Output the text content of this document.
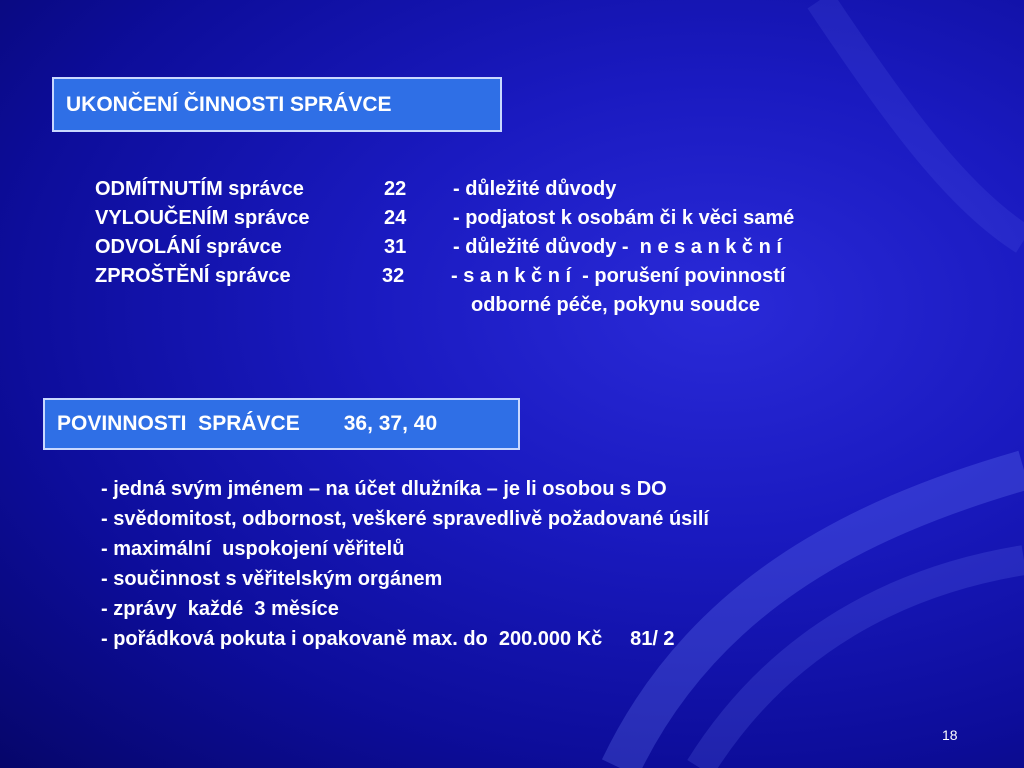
UKONČENÍ ČINNOSTI SPRÁVCE
ODMÍTNUTÍM správce	22 - důležité důvody
VYLOUČENÍM správce	24 - podjatost k osobám či k věci samé
ODVOLÁNÍ správce	31 - důležité důvody -  n e s a n k č n í
ZPROŠTĚNÍ správce	32 - s a n k č n í  - porušení povinností
odborné péče, pokynu soudce
POVINNOSTI  SPRÁVCE 36, 37, 40
- jedná svým jménem – na účet dlužníka – je li osobou s DO
- svědomitost, odbornost, veškeré spravedlivě požadované úsilí
- maximální  uspokojení věřitelů
- součinnost s věřitelským orgánem
- zprávy  každé  3 měsíce
- pořádková pokuta i opakovaně max. do  200.000 Kč     81/ 2
18
